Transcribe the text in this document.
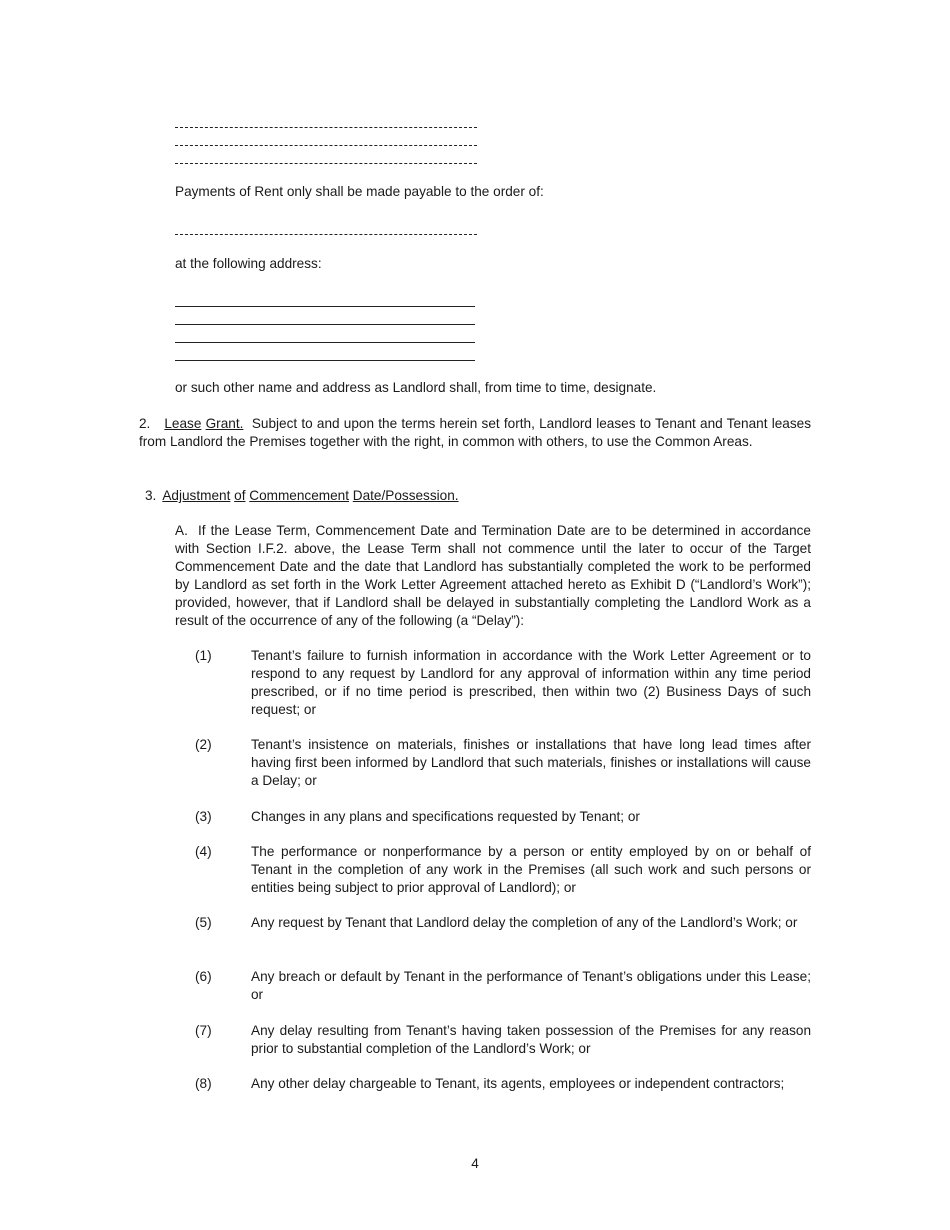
Payments of Rent only shall be made payable to the order of:
at the following address:
or such other name and address as Landlord shall, from time to time, designate.
2. Lease Grant. Subject to and upon the terms herein set forth, Landlord leases to Tenant and Tenant leases from Landlord the Premises together with the right, in common with others, to use the Common Areas.
3. Adjustment of Commencement Date/Possession.
A. If the Lease Term, Commencement Date and Termination Date are to be determined in accordance with Section I.F.2. above, the Lease Term shall not commence until the later to occur of the Target Commencement Date and the date that Landlord has substantially completed the work to be performed by Landlord as set forth in the Work Letter Agreement attached hereto as Exhibit D (“Landlord’s Work”); provided, however, that if Landlord shall be delayed in substantially completing the Landlord Work as a result of the occurrence of any of the following (a “Delay”):
(1)	Tenant’s failure to furnish information in accordance with the Work Letter Agreement or to respond to any request by Landlord for any approval of information within any time period prescribed, or if no time period is prescribed, then within two (2) Business Days of such request; or
(2)	Tenant’s insistence on materials, finishes or installations that have long lead times after having first been informed by Landlord that such materials, finishes or installations will cause a Delay; or
(3)	Changes in any plans and specifications requested by Tenant; or
(4)	The performance or nonperformance by a person or entity employed by on or behalf of Tenant in the completion of any work in the Premises (all such work and such persons or entities being subject to prior approval of Landlord); or
(5)	Any request by Tenant that Landlord delay the completion of any of the Landlord’s Work; or
(6)	Any breach or default by Tenant in the performance of Tenant’s obligations under this Lease; or
(7)	Any delay resulting from Tenant’s having taken possession of the Premises for any reason prior to substantial completion of the Landlord’s Work; or
(8)	Any other delay chargeable to Tenant, its agents, employees or independent contractors;
4
